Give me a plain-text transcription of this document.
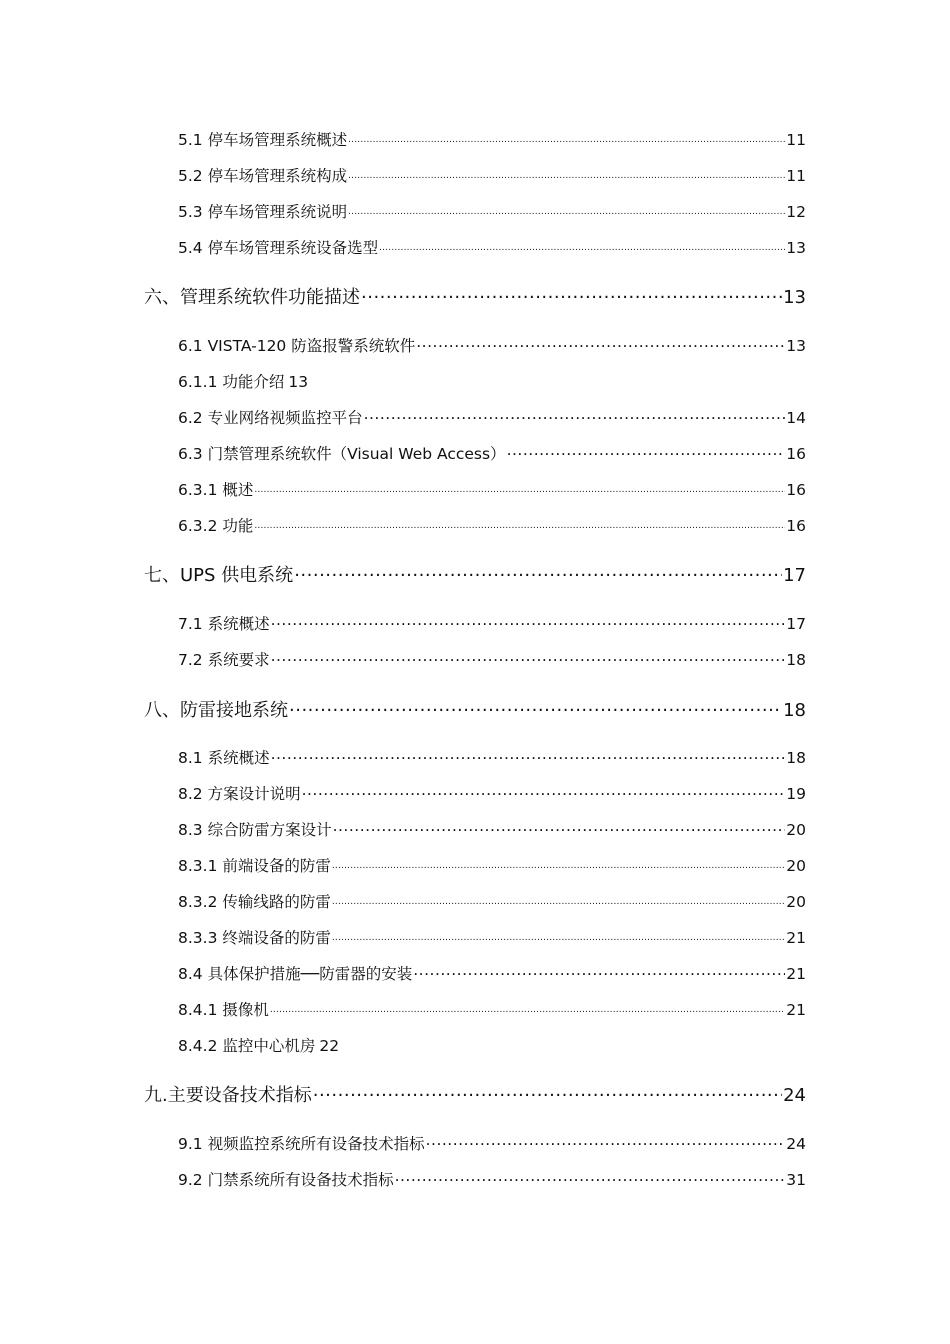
5.1 停车场管理系统概述 .....	11
5.2 停车场管理系统构成 .....	11
5.3 停车场管理系统说明 .....	12
5.4 停车场管理系统设备选型 .....	13
六、管理系统软件功能描述 .....	13
6.1 VISTA-120 防盗报警系统软件 .....	13
6.1.1 功能介绍 13
6.2 专业网络视频监控平台 .....	14
6.3 门禁管理系统软件（Visual Web Access） .....	16
6.3.1 概述 .....	16
6.3.2 功能 .....	16
七、UPS 供电系统 .....	17
7.1 系统概述 .....	17
7.2 系统要求 .....	18
八、防雷接地系统 .....	18
8.1 系统概述 .....	18
8.2 方案设计说明 .....	19
8.3 综合防雷方案设计 .....	20
8.3.1 前端设备的防雷 .....	20
8.3.2 传输线路的防雷 .....	20
8.3.3 终端设备的防雷 .....	21
8.4 具体保护措施──防雷器的安装 .....	21
8.4.1 摄像机 .....	21
8.4.2 监控中心机房 22
九.主要设备技术指标 .....	24
9.1 视频监控系统所有设备技术指标 .....	24
9.2 门禁系统所有设备技术指标 .....	31
